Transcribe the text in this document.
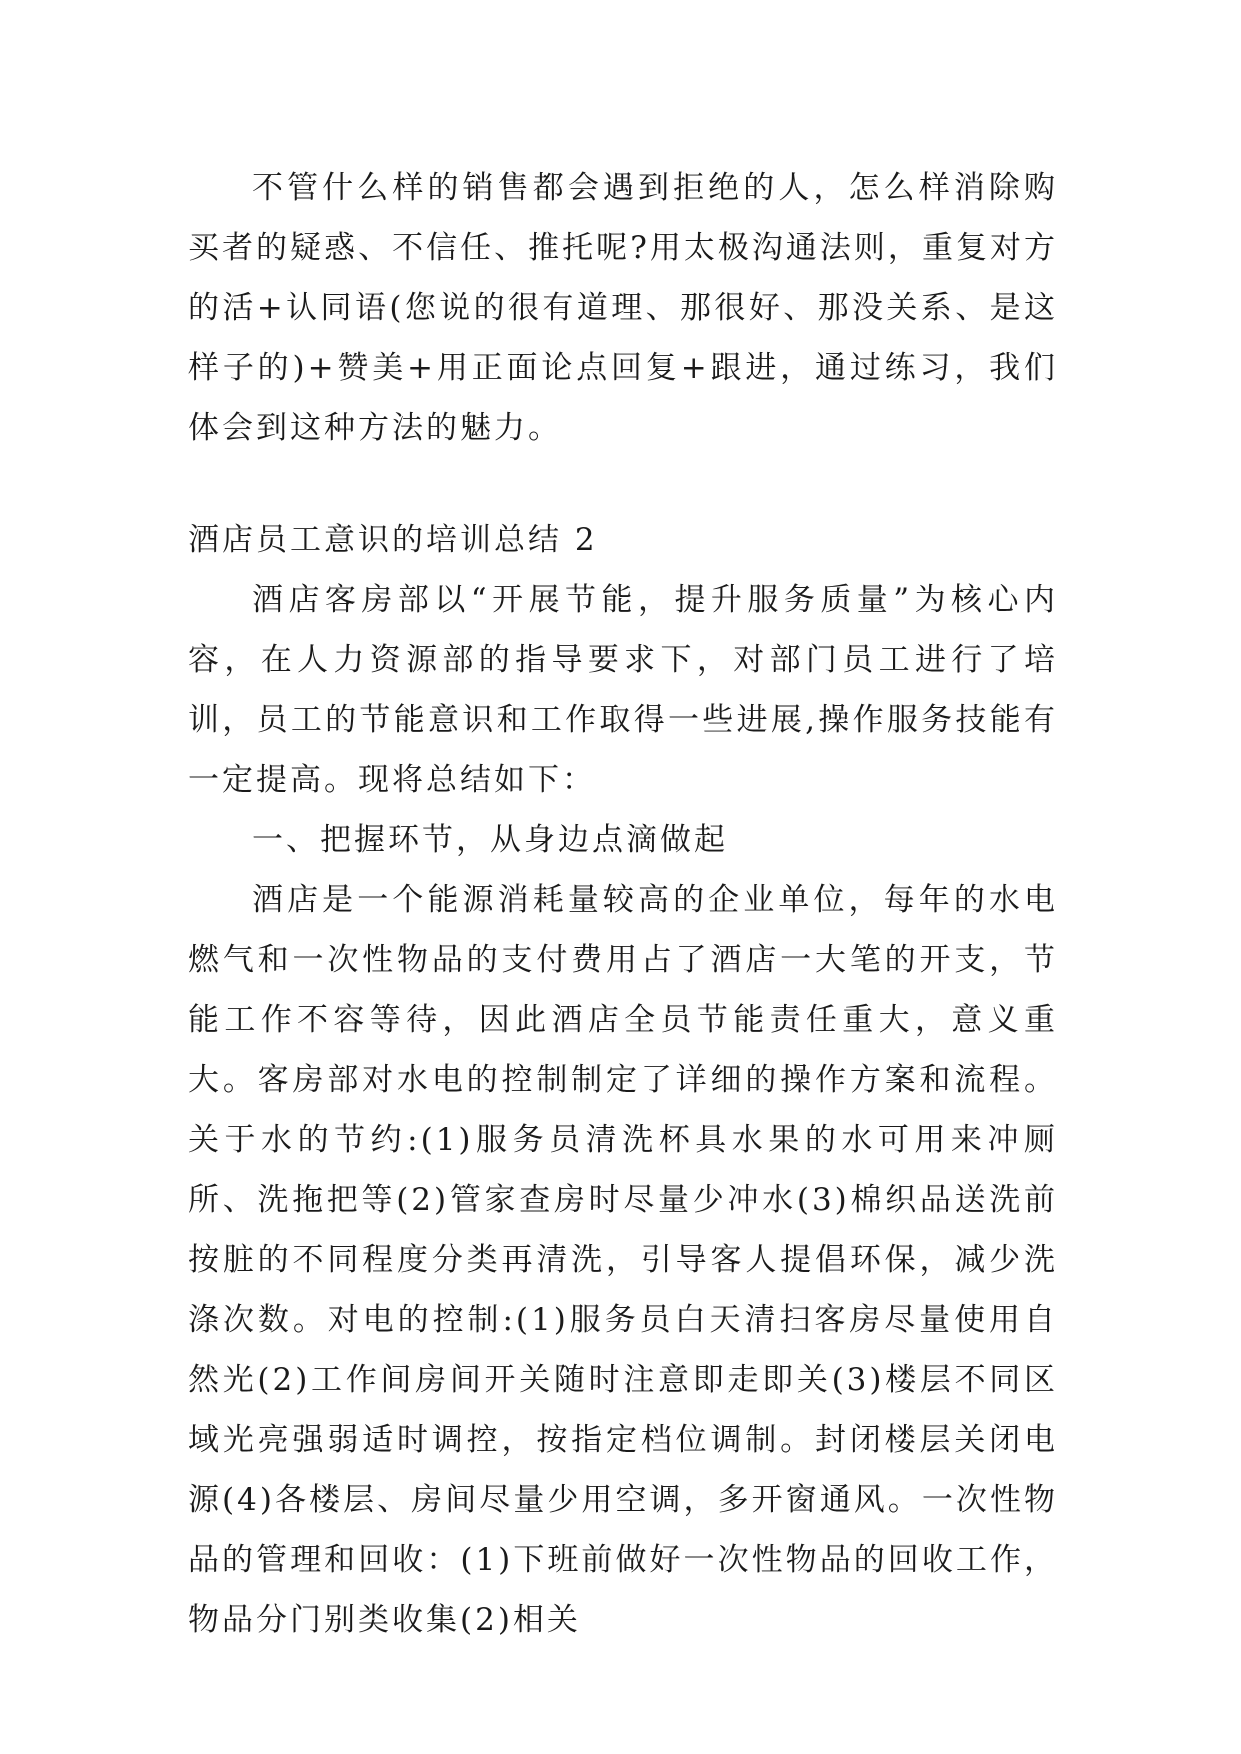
不管什么样的销售都会遇到拒绝的人，怎么样消除购买者的疑惑、不信任、推托呢?用太极沟通法则，重复对方的活+认同语(您说的很有道理、那很好、那没关系、是这样子的)+赞美+用正面论点回复+跟进，通过练习，我们体会到这种方法的魅力。

酒店员工意识的培训总结 2

酒店客房部以“开展节能，提升服务质量”为核心内容，在人力资源部的指导要求下，对部门员工进行了培训，员工的节能意识和工作取得一些进展,操作服务技能有一定提高。现将总结如下：

一、把握环节，从身边点滴做起

酒店是一个能源消耗量较高的企业单位，每年的水电燃气和一次性物品的支付费用占了酒店一大笔的开支，节能工作不容等待，因此酒店全员节能责任重大，意义重大。客房部对水电的控制制定了详细的操作方案和流程。关于水的节约:(1)服务员清洗杯具水果的水可用来冲厕所、洗拖把等(2)管家查房时尽量少冲水(3)棉织品送洗前按脏的不同程度分类再清洗，引导客人提倡环保，减少洗涤次数。对电的控制:(1)服务员白天清扫客房尽量使用自然光(2)工作间房间开关随时注意即走即关(3)楼层不同区域光亮强弱适时调控，按指定档位调制。封闭楼层关闭电源(4)各楼层、房间尽量少用空调，多开窗通风。一次性物品的管理和回收：(1)下班前做好一次性物品的回收工作，物品分门别类收集(2)相关
